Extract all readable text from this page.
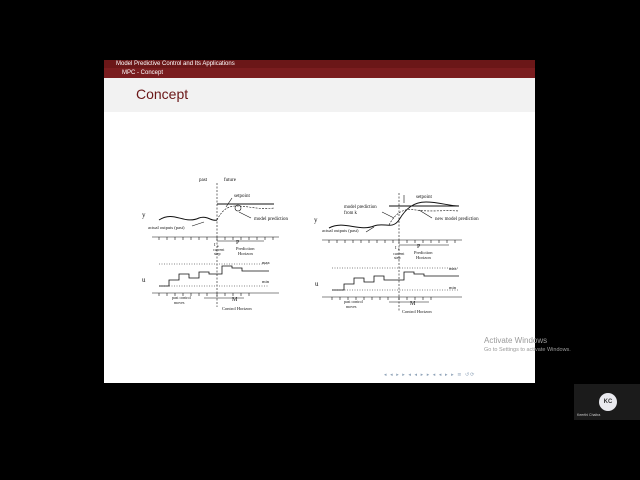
Model Predictive Control and Its Applications
MPC - Concept
Concept
past	future
setpoint
model prediction
y
actual outputs (past)
t k	P
current
step
Prediction
Horizon
u
max
min
past control
moves	M
Control Horizon
setpoint
model prediction
from k
new model prediction
y
actual outputs (past)
t k	P
current
step
Prediction
Horizon
u
max
min
past control
moves	M
Control Horizon
◂ ◂ ▸ ▸ ◂ ◂ ▸ ▸ ◂ ◂ ▸ ▸ ≡ ↺⟳
Activate Windows
Go to Settings to activate Windows.
KC
Keerthi Chaitra
